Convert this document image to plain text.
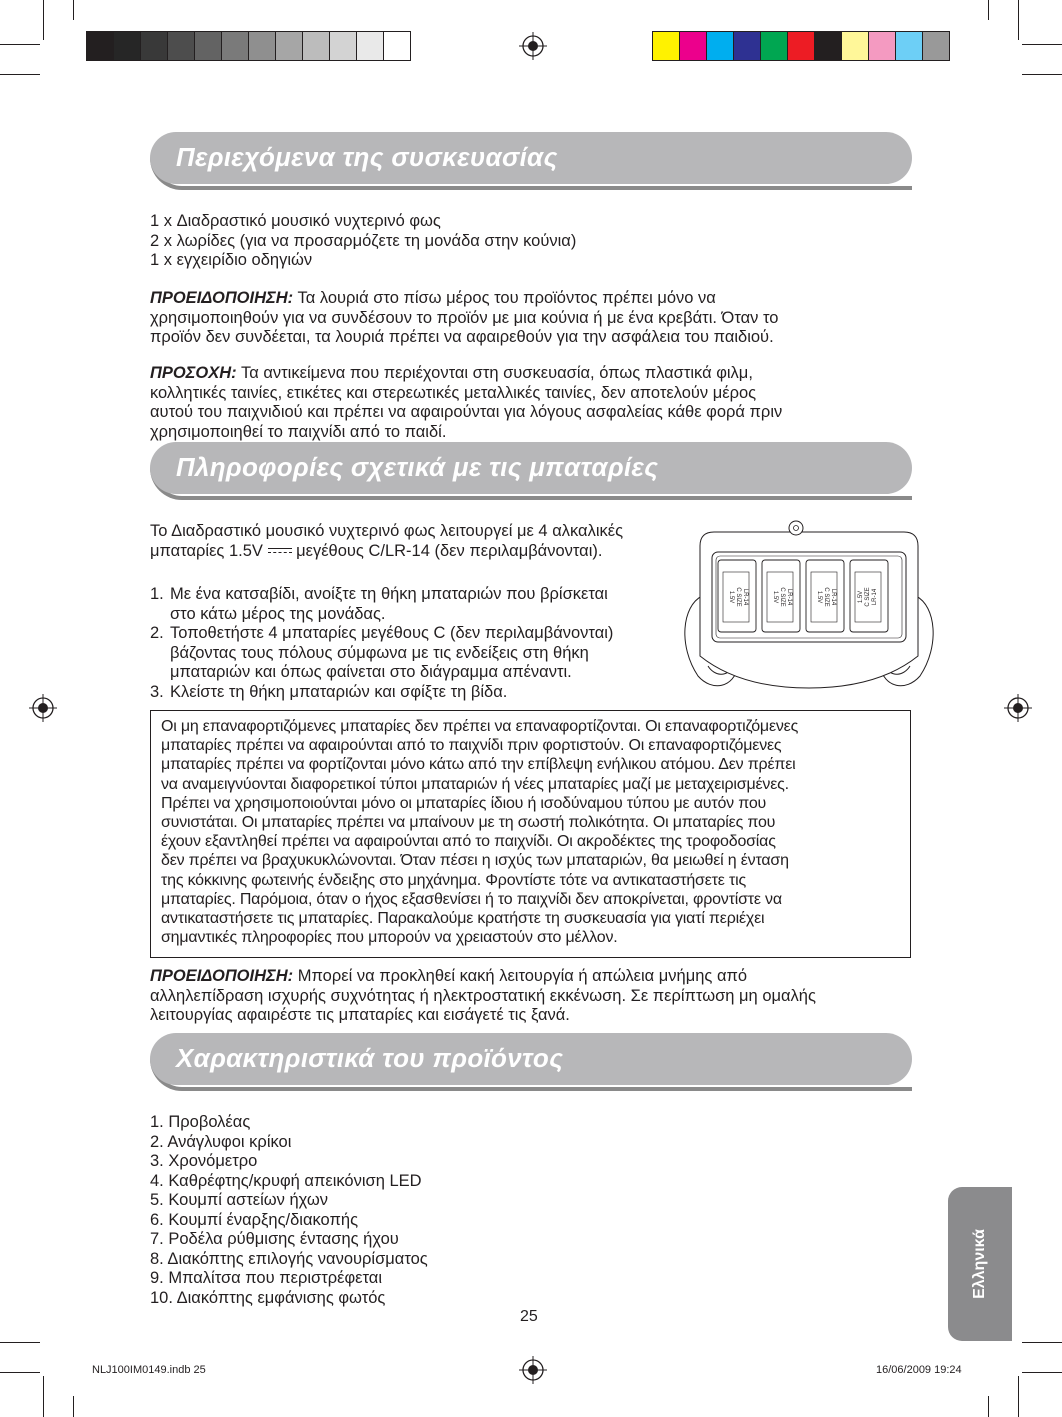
Περιεχόμενα της συσκευασίας
1 x Διαδραστικό μουσικό νυχτερινό φως
2 x λωρίδες (για να προσαρμόζετε τη μονάδα στην κούνια)
1 x εγχειρίδιο οδηγιών

ΠΡΟΕΙΔΟΠΟΙΗΣΗ: Τα λουριά στο πίσω μέρος του προϊόντος πρέπει μόνο να

χρησιμοποιηθούν για να συνδέσουν το προϊόν με μια κούνια ή με ένα κρεβάτι. Όταν το

προϊόν δεν συνδέεται, τα λουριά πρέπει να αφαιρεθούν για την ασφάλεια του παιδιού.

ΠΡΟΣΟΧΗ: Τα αντικείμενα που περιέχονται στη συσκευασία, όπως πλαστικά φιλμ,

κολλητικές ταινίες, ετικέτες και στερεωτικές μεταλλικές ταινίες, δεν αποτελούν μέρος

αυτού του παιχνιδιού και πρέπει να αφαιρούνται για λόγους ασφαλείας κάθε φορά πριν

χρησιμοποιηθεί το παιχνίδι από το παιδί.

Πληροφορίες σχετικά με τις μπαταρίες

Το Διαδραστικό μουσικό νυχτερινό φως λειτουργεί με 4 αλκαλικές

μπαταρίες 1.5V
μεγέθους C/LR-14 (δεν περιλαμβάνονται).

1. Με ένα κατσαβίδι, ανοίξτε τη θήκη μπαταριών που βρίσκεται
στο κάτω μέρος της μονάδας.
2. Τοποθετήστε 4 μπαταρίες μεγέθους C (δεν περιλαμβάνονται)
βάζοντας τους πόλους σύμφωνα με τις ενδείξεις στη θήκη
μπαταριών και όπως φαίνεται στο διάγραμμα απέναντι.
3. Κλείστε τη θήκη μπαταριών και σφίξτε τη βίδα.
1.5V C SIZE LR-14	1.5V C SIZE LR-14	1.5V C SIZE LR-14	1.5V C SIZE LR-14
Οι μη επαναφορτιζόμενες μπαταρίες δεν πρέπει να επαναφορτίζονται. Οι επαναφορτιζόμενες
μπαταρίες πρέπει να αφαιρούνται από το παιχνίδι πριν φορτιστούν. Οι επαναφορτιζόμενες
μπαταρίες πρέπει να φορτίζονται μόνο κάτω από την επίβλεψη ενήλικου ατόμου. Δεν πρέπει
να αναμειγνύονται διαφορετικοί τύποι μπαταριών ή νέες μπαταρίες μαζί με μεταχειρισμένες.
Πρέπει να χρησιμοποιούνται μόνο οι μπαταρίες ίδιου ή ισοδύναμου τύπου με αυτόν που
συνιστάται. Οι μπαταρίες πρέπει να μπαίνουν με τη σωστή πολικότητα. Οι μπαταρίες που
έχουν εξαντληθεί πρέπει να αφαιρούνται από το παιχνίδι. Οι ακροδέκτες της τροφοδοσίας
δεν πρέπει να βραχυκυκλώνονται. Όταν πέσει η ισχύς των μπαταριών, θα μειωθεί η ένταση
της κόκκινης φωτεινής ένδειξης στο μηχάνημα. Φροντίστε τότε να αντικαταστήσετε τις
μπαταρίες. Παρόμοια, όταν ο ήχος εξασθενίσει ή το παιχνίδι δεν αποκρίνεται, φροντίστε να
αντικαταστήσετε τις μπαταρίες. Παρακαλούμε κρατήστε τη συσκευασία για γιατί περιέχει
σημαντικές πληροφορίες που μπορούν να χρειαστούν στο μέλλον.

ΠΡΟΕΙΔΟΠΟΙΗΣΗ: Μπορεί να προκληθεί κακή λειτουργία ή απώλεια μνήμης από

αλληλεπίδραση ισχυρής συχνότητας ή ηλεκτροστατική εκκένωση. Σε περίπτωση μη ομαλής

λειτουργίας αφαιρέστε τις μπαταρίες και εισάγετέ τις ξανά.

Χαρακτηριστικά του προϊόντος
1. Προβολέας
2. Ανάγλυφοι κρίκοι
3. Χρονόμετρο
4. Καθρέφτης/κρυφή απεικόνιση LED
5. Κουμπί αστείων ήχων
6. Κουμπί έναρξης/διακοπής
7. Ροδέλα ρύθμισης έντασης ήχου
8. Διακόπτης επιλογής νανουρίσματος
9. Μπαλίτσα που περιστρέφεται
10. Διακόπτης εμφάνισης φωτός
25
Ελληνικά
NLJ100IM0149.indb 25	16/06/2009 19:24
